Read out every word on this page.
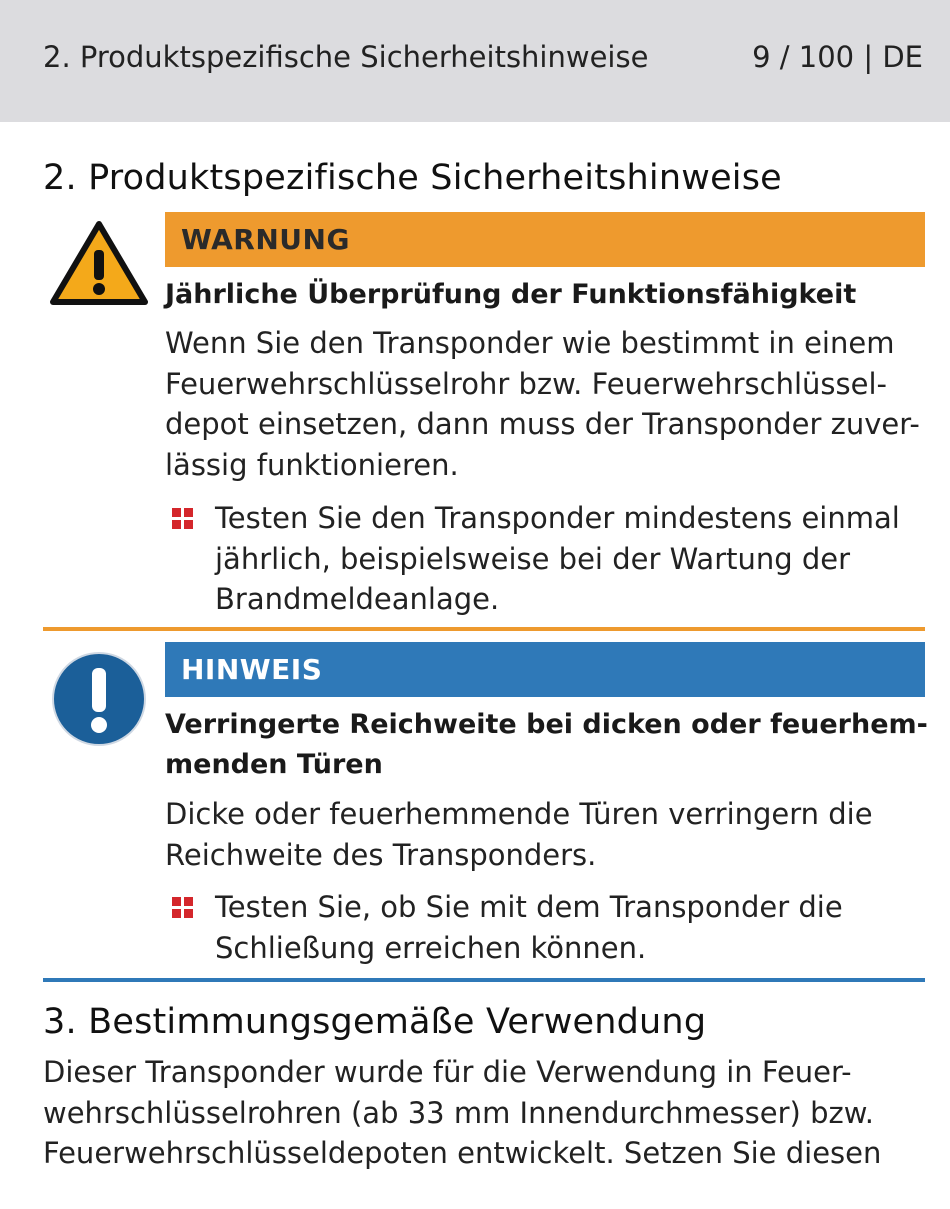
2. Produktspezifische Sicherheitshinweise	9 / 100 | DE
2. Produktspezifische Sicherheitshinweise
WARNUNG
Jährliche Überprüfung der Funktionsfähigkeit
Wenn Sie den Transponder wie bestimmt in einem
Feuerwehrschlüsselrohr bzw. Feuerwehrschlüssel-
depot einsetzen, dann muss der Transponder zuver-
lässig funktionieren.
Testen Sie den Transponder mindestens einmal
jährlich, beispielsweise bei der Wartung der
Brandmeldeanlage.
HINWEIS
Verringerte Reichweite bei dicken oder feuerhem-
menden Türen
Dicke oder feuerhemmende Türen verringern die
Reichweite des Transponders.
Testen Sie, ob Sie mit dem Transponder die
Schließung erreichen können.
3. Bestimmungsgemäße Verwendung
Dieser Transponder wurde für die Verwendung in Feuer-
wehrschlüsselrohren (ab 33 mm Innendurchmesser) bzw.
Feuerwehrschlüsseldepoten entwickelt. Setzen Sie diesen
